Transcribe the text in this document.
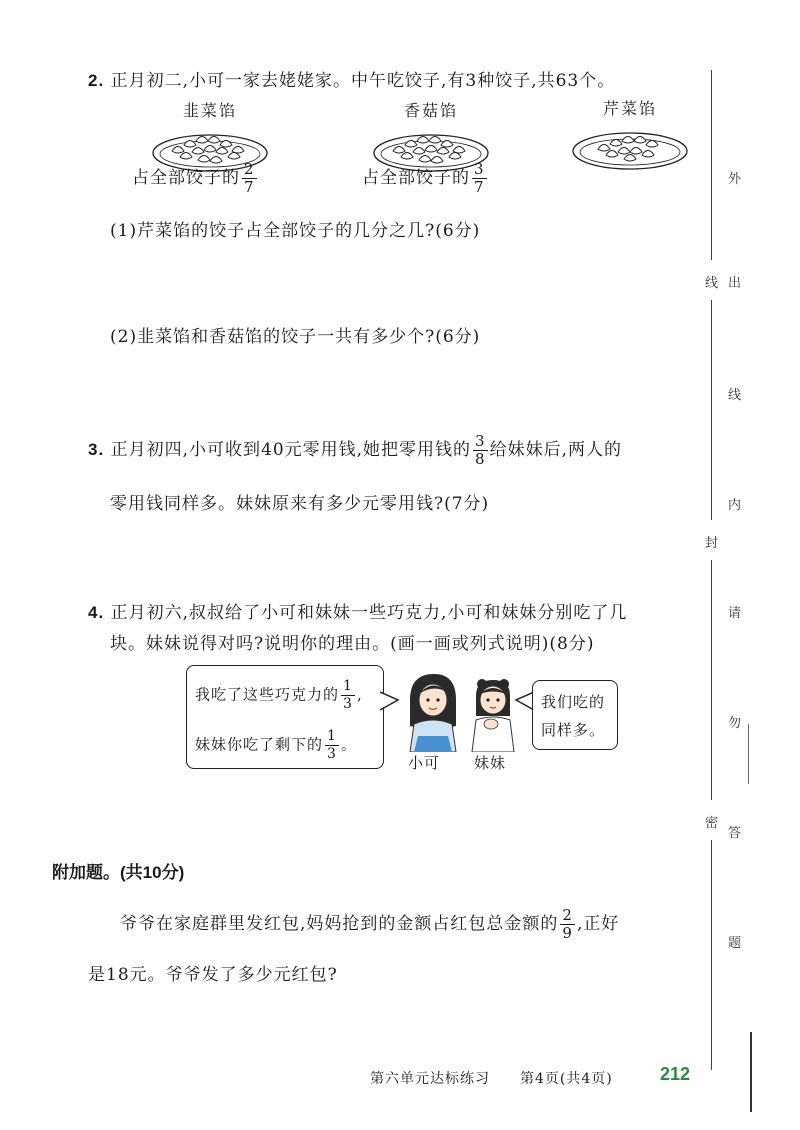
2. 正月初二,小可一家去姥姥家。中午吃饺子,有3种饺子,共63个。
韭菜馅
占全部饺子的 $\frac{2}{7}$
香菇馅
占全部饺子的 $\frac{3}{7}$
芹菜馅
(1)芹菜馅的饺子占全部饺子的几分之几?(6分)
(2)韭菜馅和香菇馅的饺子一共有多少个?(6分)
3. 正月初四,小可收到40元零用钱,她把零用钱的 $\frac{3}{8}$ 给妹妹后,两人的
零用钱同样多。妹妹原来有多少元零用钱?(7分)
4. 正月初六,叔叔给了小可和妹妹一些巧克力,小可和妹妹分别吃了几
块。妹妹说得对吗?说明你的理由。(画一画或列式说明)(8分)
我吃了这些巧克力的 $\frac{1}{3}$ ,
妹妹你吃了剩下的 $\frac{1}{3}$ 。
小可 妹妹
我们吃的
同样多。
附加题。(共10分)
爷爷在家庭群里发红包,妈妈抢到的金额占红包总金额的 $\frac{2}{9}$ ,正好
是18元。爷爷发了多少元红包?
第六单元达标练习 第4页(共4页)	212
线
封
密
外
出
线
内
请
勿
答
题
